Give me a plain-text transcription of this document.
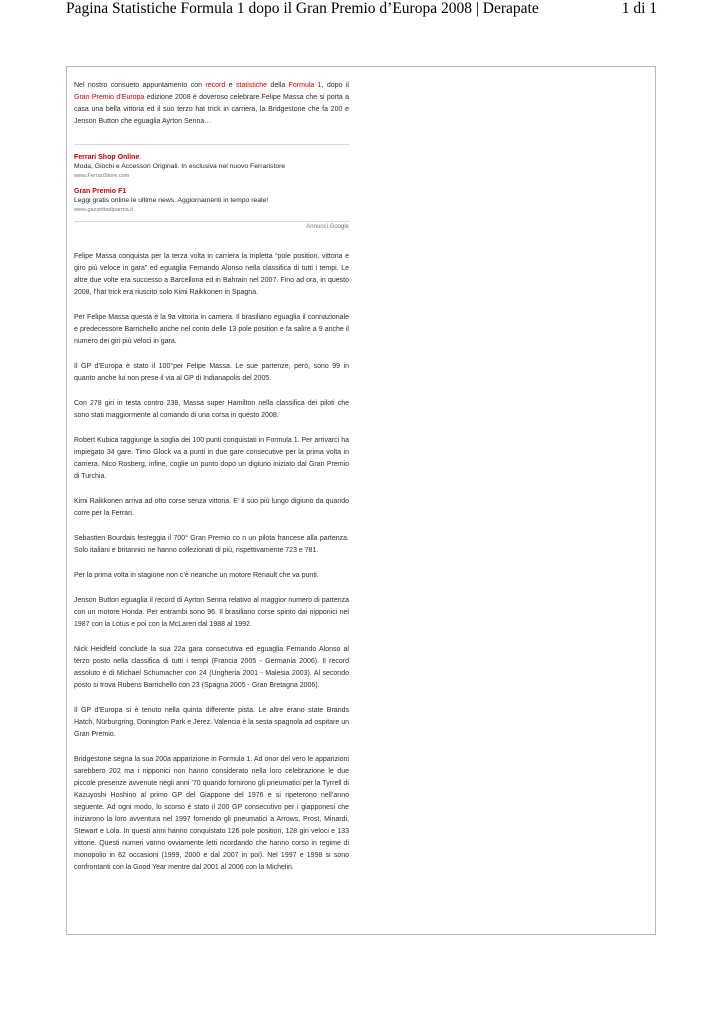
Pagina Statistiche Formula 1 dopo il Gran Premio d’Europa 2008 | Derapate	1 di 1

Nel nostro consueto appuntamento con record e statistiche della Formula 1, dopo il Gran Premio d’Europa edizione 2008 è doveroso celebrare Felipe Massa che si porta a casa una bella vittoria ed il suo terzo hat trick in carriera, la Bridgestone che fa 200 e Jenson Button che eguaglia Ayrton Senna…

Ferrari Shop Online
Moda, Giochi e Accessori Originali. In esclusiva nel nuovo Ferraristore
www.FerrariStore.com
Gran Premio F1
Leggi gratis online le ultime news. Aggiornamenti in tempo reale!
www.gazzettadiparma.it
Annunci Google

Felipe Massa conquista per la terza volta in carriera la tripletta “pole position, vittoria e giro più veloce in gara” ed eguaglia Fernando Alonso nella classifica di tutti i tempi. Le altre due volte era successo a Barcellona ed in Bahrain nel 2007. Fino ad ora, in questo 2008, l’hat trick era riuscito solo Kimi Raikkonen in Spagna.

Per Felipe Massa questa è la 9a vittoria in carriera. Il brasiliano eguaglia il connazionale e predecessore Barrichello anche nel conto delle 13 pole position e fa salire a 9 anche il numero dei giri più veloci in gara.

Il GP d’Europa è stato il 100°per Felipe Massa. Le sue partenze, però, sono 99 in quanto anche lui non prese il via al GP di Indianapolis del 2005.

Con 278 giri in testa contro 238, Massa super Hamilton nella classifica dei piloti che sono stati maggiormente al comando di una corsa in questo 2008.

Robert Kubica raggiunge la soglia dei 100 punti conquistati in Formula 1. Per arrivarci ha impiegato 34 gare. Timo Glock va a punti in due gare consecutive per la prima volta in carriera. Nico Rosberg, infine, coglie un punto dopo un digiuno iniziato dal Gran Premio di Turchia.

Kimi Raikkonen arriva ad otto corse senza vittoria. E’ il suo più lungo digiuno da quando corre per la Ferrari.

Sebastien Bourdais festeggia il 700° Gran Premio co n un pilota francese alla partenza. Solo italiani e britannici ne hanno collezionati di più, rispettivamente 723 e 781.

Per la prima volta in stagione non c’è neanche un motore Renault che va punti.

Jenson Button eguaglia il record di Ayrton Senna relativo al maggior numero di partenza con un motore Honda. Per entrambi sono 96. Il brasiliano corse spinto dai nipponici nel 1987 con la Lotus e poi con la McLaren dal 1988 al 1992.

Nick Heidfeld conclude la sua 22a gara consecutiva ed eguaglia Fernando Alonso al terzo posto nella classifica di tutti i tempi (Francia 2005 - Germania 2006). Il record assoluto è di Michael Schumacher con 24 (Ungheria 2001 - Malesia 2003). Al secondo posto si trova Rubens Barrichello con 23 (Spagna 2005 - Gran Bretagna 2006).

Il GP d’Europa si è tenuto nella quinta differente pista. Le altre erano state Brands Hatch, Nürburgring, Donington Park e Jerez. Valencia è la sesta spagnola ad ospitare un Gran Premio.

Bridgestone segna la sua 200a apparizione in Formula 1. Ad onor del vero le apparizioni sarebbero 202 ma i nipponici non hanno considerato nella loro celebrazione le due piccole presenze avvenute negli anni ’70 quando fornirono gli pneumatici per la Tyrrell di Kazuyoshi Hoshino al primo GP del Giappone del 1976 e si ripeterono nell’anno seguente. Ad ogni modo, lo scorso è stato il 200 GP consecutivo per i giapponesi che iniziarono la loro avventura nel 1997 fornendo gli pneumatici a Arrows, Prost, Minardi, Stewart e Lola. In questi anni hanno conquistato 126 pole position, 128 giri veloci e 133 vittorie. Questi numeri vanno ovviamente letti ricordando che hanno corso in regime di monopolio in 62 occasioni (1999, 2000 e dal 2007 in poi). Nel 1997 e 1998 si sono confrontanti con la Good Year mentre dal 2001 al 2006 con la Michelin.
